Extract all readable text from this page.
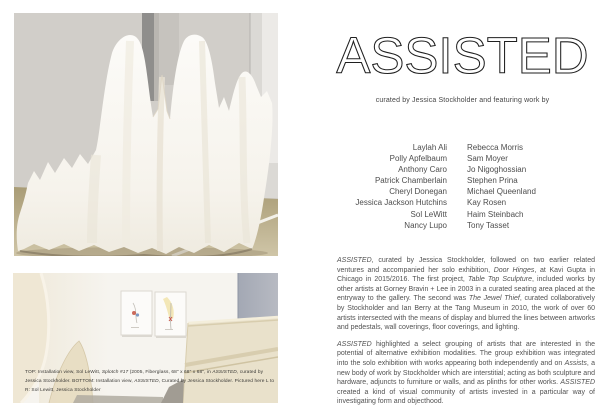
TOP: Installation view, Sol LeWitt, Splotch #17 (2005, Fiberglass, 68" x 68" x 68", in ASSISTED, curated by Jessica Stockholder. BOTTOM: Installation view, ASSISTED, Curated by Jessica Stockholder. Pictured here L to R: Sol Lewitt, Jessica Stockholder
ASSISTED

curated by Jessica Stockholder and featuring work by

Laylah Ali
Polly Apfelbaum
Anthony Caro
Patrick Chamberlain
Cheryl Donegan
Jessica Jackson Hutchins
Sol LeWitt
Nancy Lupo
Rebecca Morris
Sam Moyer
Jo Nigoghossian
Stephen Prina
Michael Queenland
Kay Rosen
Haim Steinbach
Tony Tasset

ASSISTED, curated by Jessica Stockholder, followed on two earlier related ventures and accompanied her solo exhibition, Door Hinges, at Kavi Gupta in Chicago in 2015/2016. The first project, Table Top Sculpture, included works by other artists at Gorney Bravin + Lee in 2003 in a curated seating area placed at the entryway to the gallery. The second was The Jewel Thief, curated collaboratively by Stockholder and Ian Berry at the Tang Museum in 2010, the work of over 60 artists intersected with the means of display and blurred the lines between artworks and pedestals, wall coverings, floor coverings, and lighting.

ASSISTED highlighted a select grouping of artists that are interested in the potential of alternative exhibition modalities. The group exhibition was integrated into the solo exhibition with works appearing both independently and on Assists, a new body of work by Stockholder which are interstitial; acting as both sculpture and hardware, adjuncts to furniture or walls, and as plinths for other works. ASSISTED created a kind of visual community of artists invested in a particular way of investigating form and objecthood.
